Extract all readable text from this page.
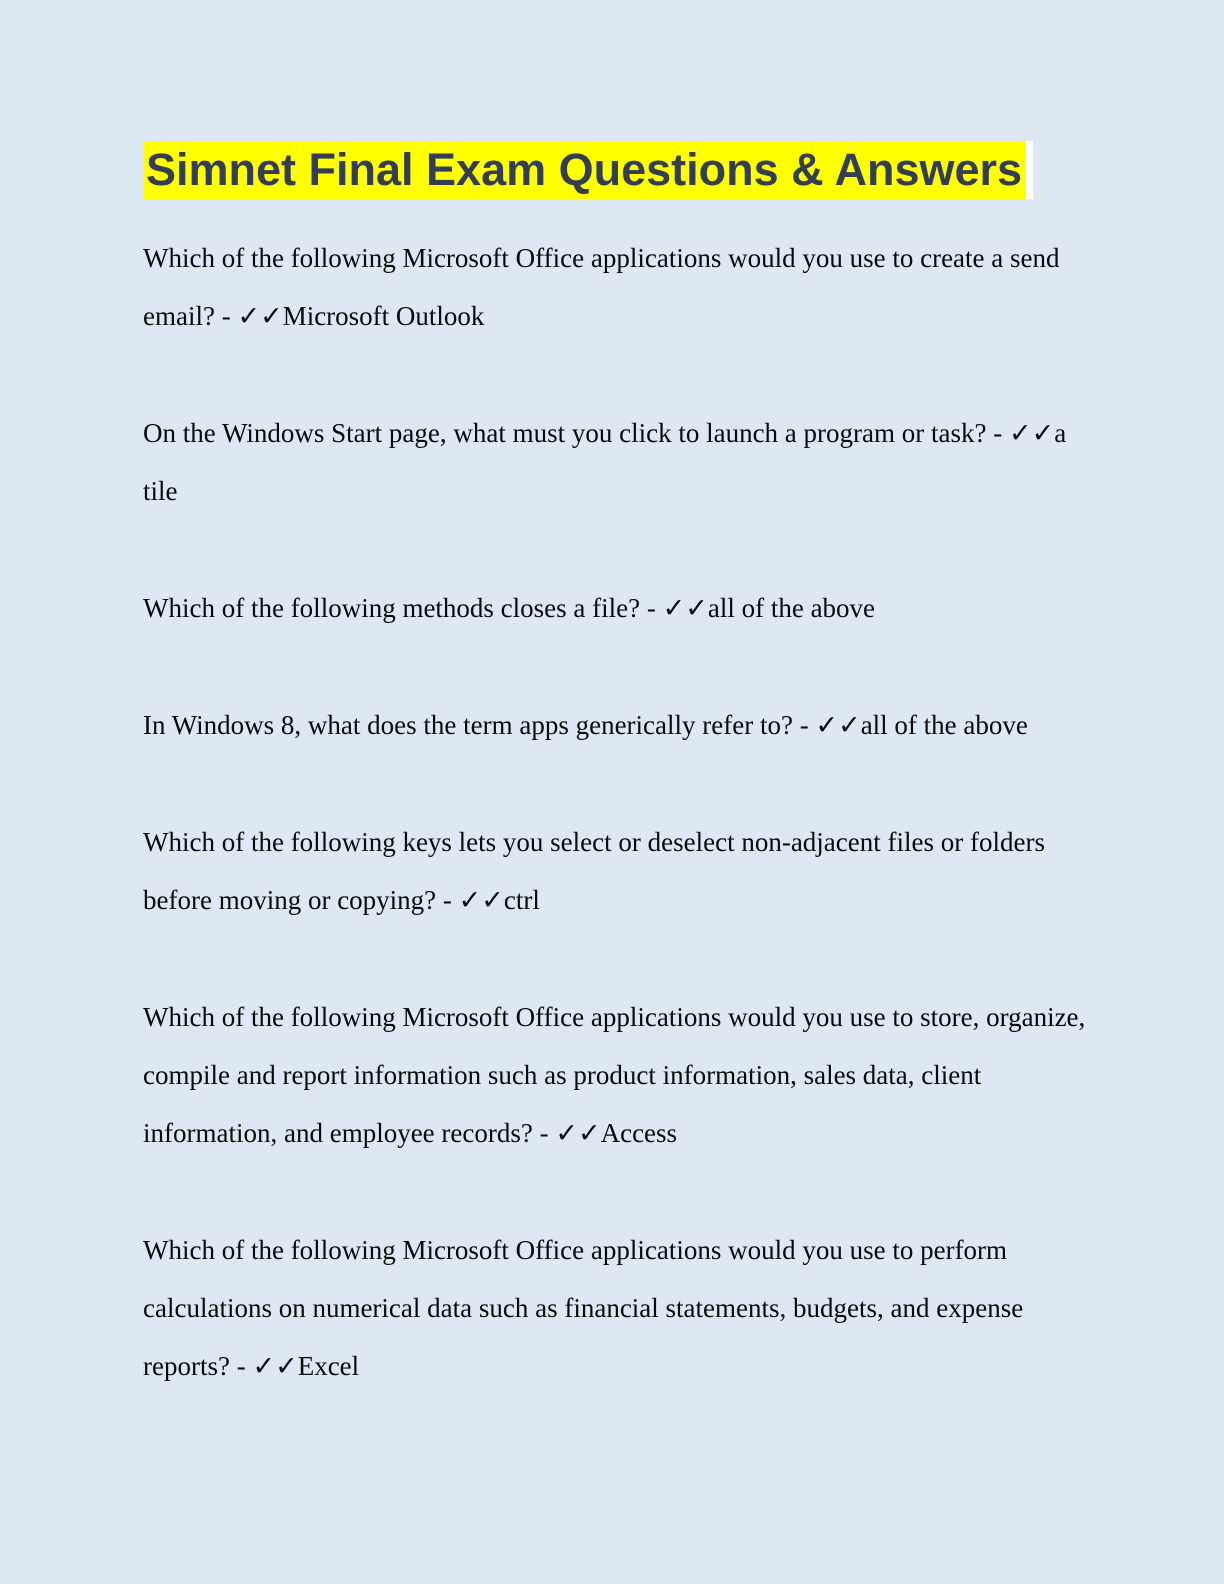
Simnet Final Exam Questions & Answers

Which of the following Microsoft Office applications would you use to create a send email? - ✓✓Microsoft Outlook

On the Windows Start page, what must you click to launch a program or task? - ✓✓a tile

Which of the following methods closes a file? - ✓✓all of the above

In Windows 8, what does the term apps generically refer to? - ✓✓all of the above

Which of the following keys lets you select or deselect non-adjacent files or folders before moving or copying? - ✓✓ctrl

Which of the following Microsoft Office applications would you use to store, organize, compile and report information such as product information, sales data, client information, and employee records? - ✓✓Access

Which of the following Microsoft Office applications would you use to perform calculations on numerical data such as financial statements, budgets, and expense reports? - ✓✓Excel
